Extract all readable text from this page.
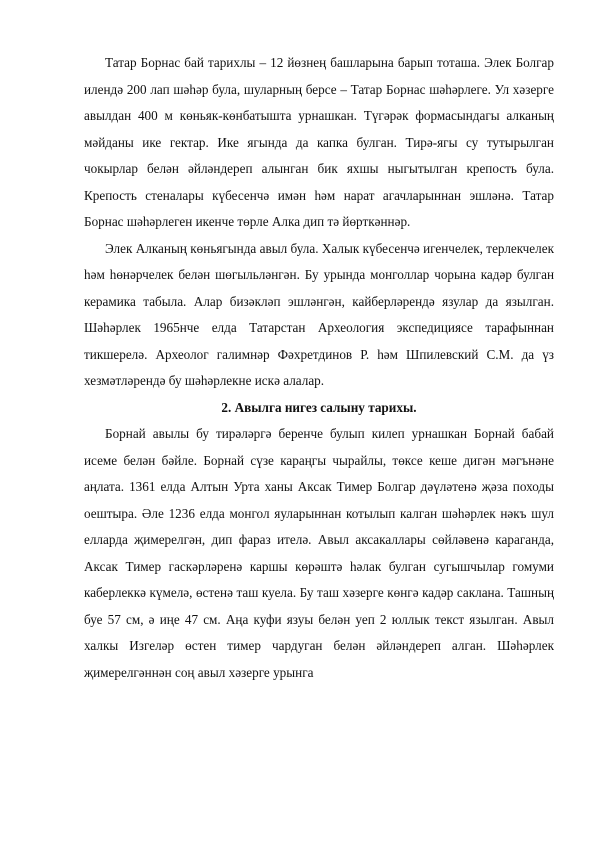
Татар Борнас бай тарихлы – 12 йөзнең башларына барып тоташа. Элек Болгар илендә 200 лап шәһәр була, шуларның берсе – Татар Борнас шәһәрлеге. Ул хәзерге авылдан 400 м көньяк-көнбатышта урнашкан. Түгәрәк формасындагы алканың мәйданы ике гектар. Ике ягында да капка булган. Тирә-ягы су тутырылган чокырлар белән әйләндереп алынган бик яхшы ныгытылган крепость була. Крепость стеналары күбесенчә имән һәм нарат агачларыннан эшләнә. Татар Борнас шәһәрлеген икенче төрле Алка дип тә йөрткәннәр.

Элек Алканың көньягында авыл була. Халык күбесенчә игенчелек, терлекчелек һәм һөнәрчелек белән шөгыльләнгән. Бу урында монголлар чорына кадәр булган керамика табыла. Алар бизәкләп эшләнгән, кайберләрендә язулар да язылган. Шәһәрлек 1965нче елда Татарстан Археология экспедициясе тарафыннан тикшерелә. Археолог галимнәр Фәхретдинов Р. һәм Шпилевский С.М. да үз хезмәтләрендә бу шәһәрлекне искә алалар.

2. Авылга нигез салыну тарихы.

Борнай авылы бу тирәләргә беренче булып килеп урнашкан Борнай бабай исеме белән бәйле. Борнай сүзе караңгы чырайлы, төксе кеше дигән мәгънәне аңлата. 1361 елда Алтын Урта ханы Аксак Тимер Болгар дәүләтенә җәза походы оештыра. Әле 1236 елда монгол яуларыннан котылып калган шәһәрлек нәкъ шул елларда җимерелгән, дип фараз ителә. Авыл аксакаллары сөйләвенә караганда, Аксак Тимер гаскәрләренә каршы көрәштә һәлак булган сугышчылар гомуми каберлеккә күмелә, өстенә таш куела. Бу таш хәзерге көнгә кадәр саклана. Ташның буе 57 см, ә иңе 47 см. Аңа куфи язуы белән уеп 2 юллык текст язылган. Авыл халкы Изгеләр өстен тимер чардуган белән әйләндереп алган. Шәһәрлек җимерелгәннән соң авыл хәзерге урынга
